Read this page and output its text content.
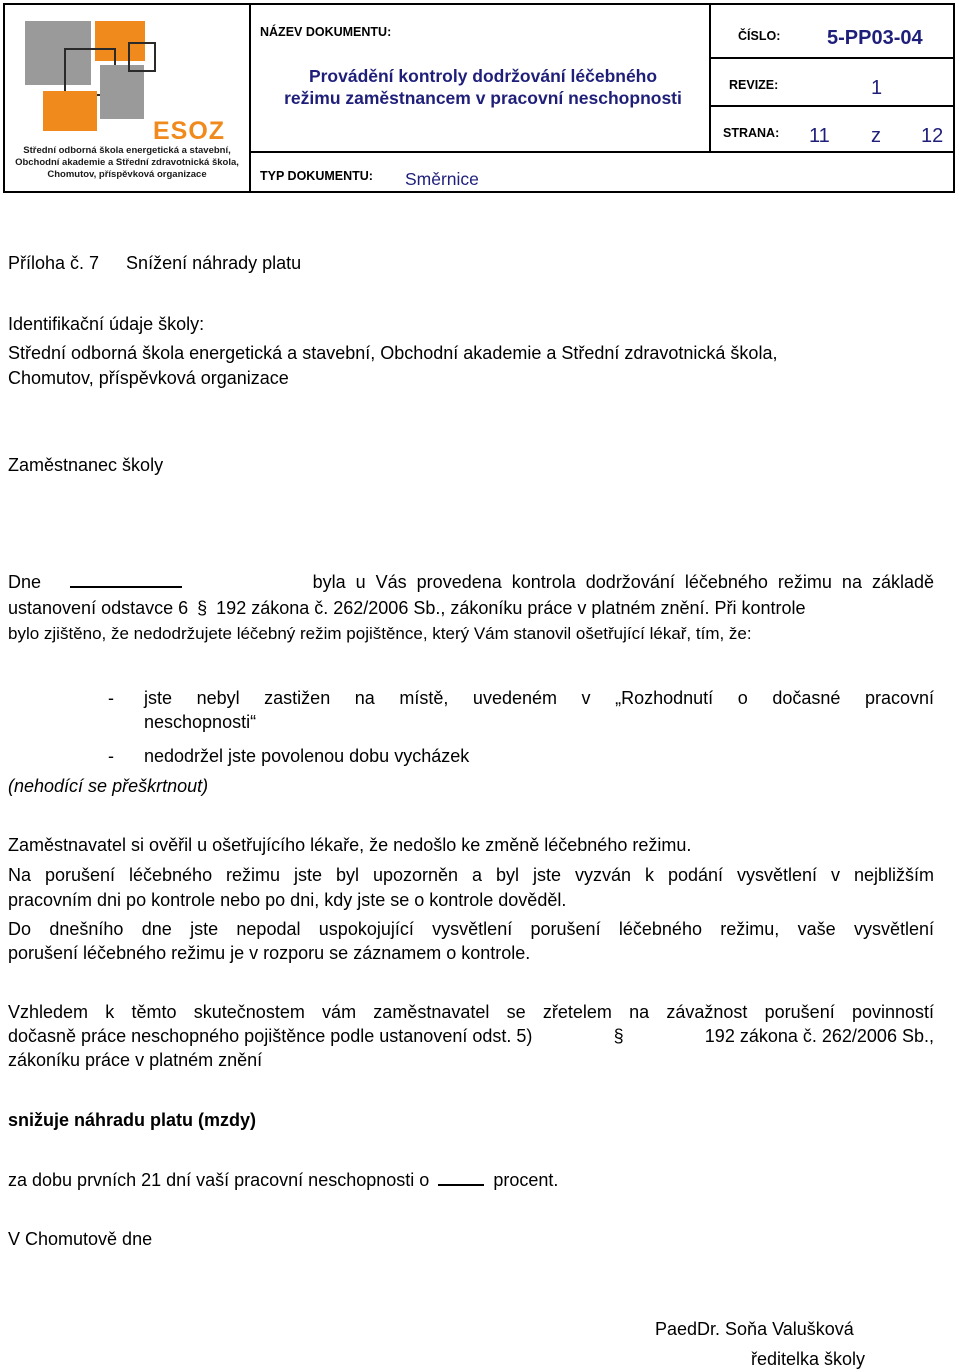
ESOZ
Střední odborná škola energetická a stavební,
Obchodní akademie a Střední zdravotnická škola,
Chomutov, příspěvková organizace
NÁZEV DOKUMENTU:
Provádění kontroly dodržování léčebného
režimu zaměstnancem v pracovní neschopnosti
TYP DOKUMENTU: Směrnice
ČÍSLO: 5-PP03-04
REVIZE:	1
STRANA: 11 z 12
Příloha č. 7 Snížení náhrady platu
Identifikační údaje školy:
Střední odborná škola energetická a stavební, Obchodní akademie a Střední zdravotnická škola,
Chomutov, příspěvková organizace
Zaměstnanec školy
Dne	byla u Vás provedena kontrola dodržování léčebného režimu na základě
ustanovení odstavce 6 § 192 zákona č. 262/2006 Sb., zákoníku práce v platném znění. Při kontrole
bylo zjištěno, že nedodržujete léčebný režim pojištěnce, který Vám stanovil ošetřující lékař, tím, že:
- jste nebyl zastižen na místě, uvedeném v „Rozhodnutí o dočasné pracovní
neschopnosti“
- nedodržel jste povolenou dobu vycházek
(nehodící se přeškrtnout)
Zaměstnavatel si ověřil u ošetřujícího lékaře, že nedošlo ke změně léčebného režimu.
Na porušení léčebného režimu jste byl upozorněn a byl jste vyzván k podání vysvětlení v nejbližším
pracovním dni po kontrole nebo po dni, kdy jste se o kontrole dověděl.
Do dnešního dne jste nepodal uspokojující vysvětlení porušení léčebného režimu, vaše vysvětlení
porušení léčebného režimu je v rozporu se záznamem o kontrole.
Vzhledem k těmto skutečnostem vám zaměstnavatel se zřetelem na závažnost porušení povinností
dočasně práce neschopného pojištěnce podle ustanovení odst. 5)	§	192 zákona č. 262/2006 Sb.,
zákoníku práce v platném znění
snižuje náhradu platu (mzdy)
za dobu prvních 21 dní vaší pracovní neschopnosti o	procent.
V Chomutově dne
PaedDr. Soňa Valušková
ředitelka školy
